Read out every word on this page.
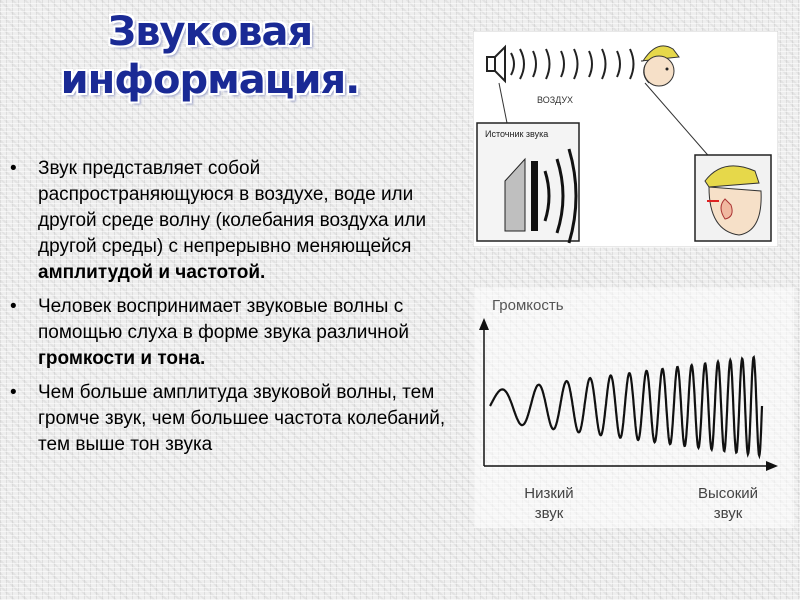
Звуковая
информация.
• Звук представляет собой распространяющуюся в воздухе, воде или другой среде волну (колебания воздуха или другой среды) с непрерывно меняющейся амплитудой и частотой.
• Человек воспринимает звуковые волны с помощью слуха в форме звука различной громкости и тона.
• Чем больше амплитуда звуковой волны, тем громче звук, чем большее частота колебаний, тем выше тон звука
ВОЗДУХ
Источник звука
Громкость
Низкий
звук
Высокий
звук
